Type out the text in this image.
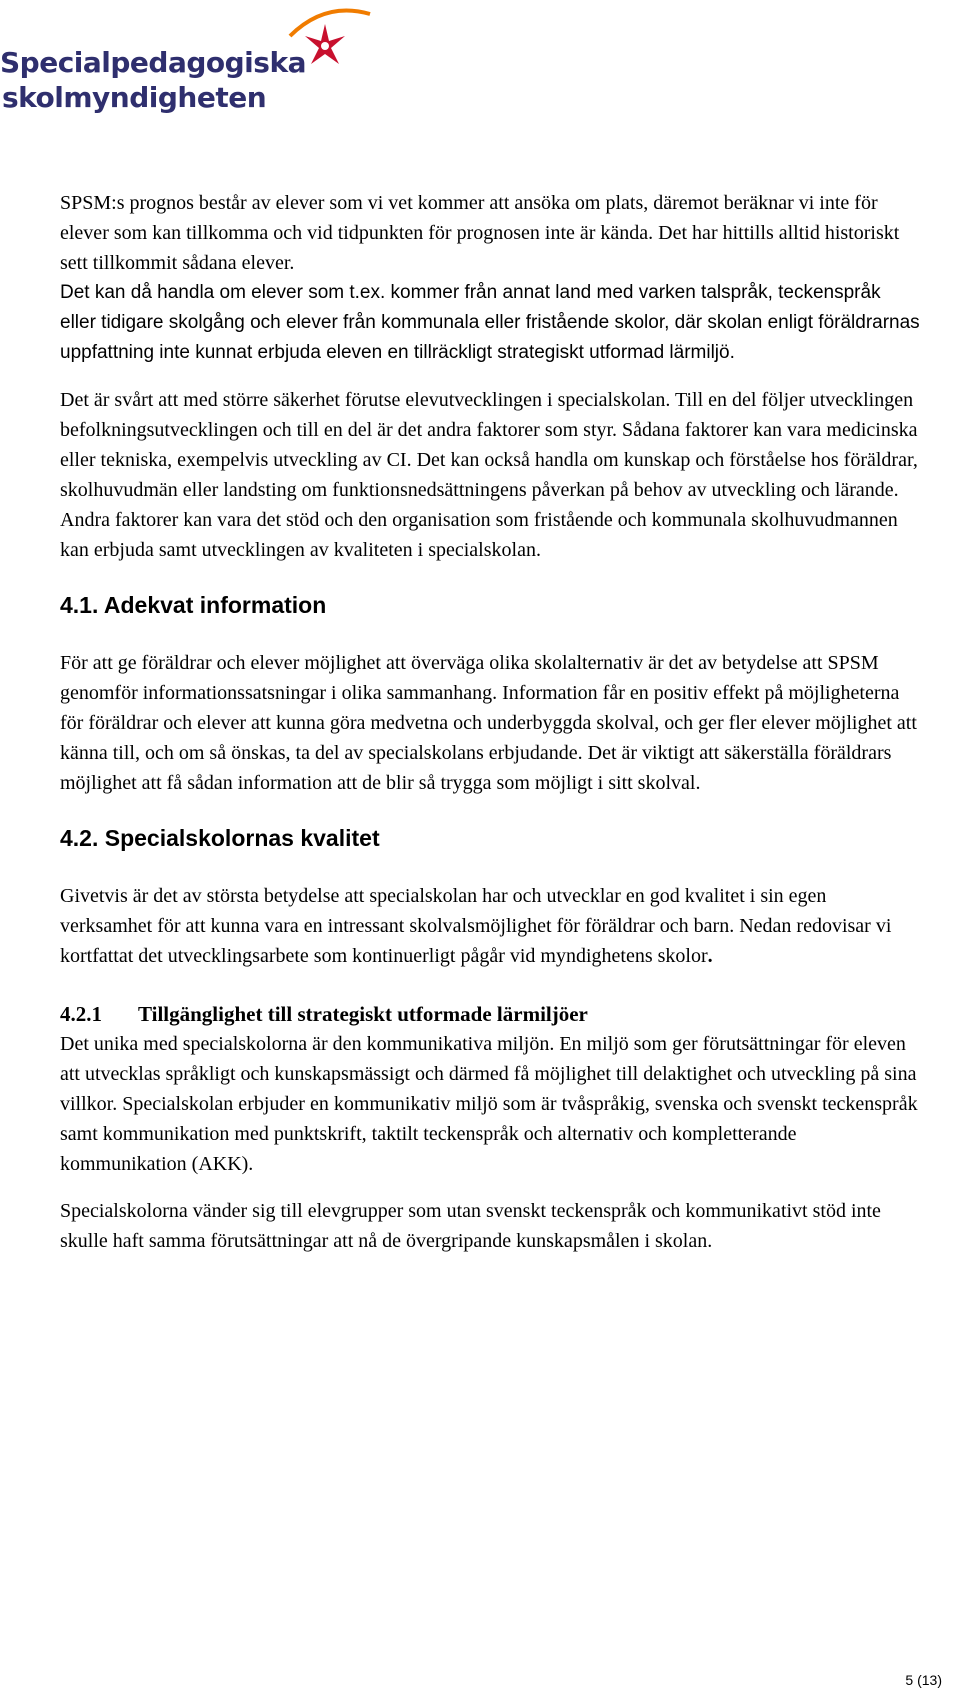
Specialpedagogiska
skolmyndigheten

SPSM:s prognos består av elever som vi vet kommer att ansöka om plats, däremot beräknar vi inte för elever som kan tillkomma och vid tidpunkten för prognosen inte är kända. Det har hittills alltid historiskt sett tillkommit sådana elever.

Det kan då handla om elever som t.ex. kommer från annat land med varken talspråk, teckenspråk eller tidigare skolgång och elever från kommunala eller fristående skolor, där skolan enligt föräldrarnas uppfattning inte kunnat erbjuda eleven en tillräckligt strategiskt utformad lärmiljö.

Det är svårt att med större säkerhet förutse elevutvecklingen i specialskolan. Till en del följer utvecklingen befolkningsutvecklingen och till en del är det andra faktorer som styr. Sådana faktorer kan vara medicinska eller tekniska, exempelvis utveckling av CI. Det kan också handla om kunskap och förståelse hos föräldrar, skolhuvudmän eller landsting om funktionsnedsättningens påverkan på behov av utveckling och lärande. Andra faktorer kan vara det stöd och den organisation som fristående och kommunala skolhuvudmannen kan erbjuda samt utvecklingen av kvaliteten i specialskolan.

4.1. Adekvat information

För att ge föräldrar och elever möjlighet att överväga olika skolalternativ är det av betydelse att SPSM genomför informationssatsningar i olika sammanhang. Information får en positiv effekt på möjligheterna för föräldrar och elever att kunna göra medvetna och underbyggda skolval, och ger fler elever möjlighet att känna till, och om så önskas, ta del av specialskolans erbjudande. Det är viktigt att säkerställa föräldrars möjlighet att få sådan information att de blir så trygga som möjligt i sitt skolval.

4.2. Specialskolornas kvalitet

Givetvis är det av största betydelse att specialskolan har och utvecklar en god kvalitet i sin egen verksamhet för att kunna vara en intressant skolvalsmöjlighet för föräldrar och barn. Nedan redovisar vi kortfattat det utvecklingsarbete som kontinuerligt pågår vid myndighetens skolor.

4.2.1 Tillgänglighet till strategiskt utformade lärmiljöer

Det unika med specialskolorna är den kommunikativa miljön. En miljö som ger förutsättningar för eleven att utvecklas språkligt och kunskapsmässigt och därmed få möjlighet till delaktighet och utveckling på sina villkor. Specialskolan erbjuder en kommunikativ miljö som är tvåspråkig, svenska och svenskt teckenspråk samt kommunikation med punktskrift, taktilt teckenspråk och alternativ och kompletterande kommunikation (AKK).

Specialskolorna vänder sig till elevgrupper som utan svenskt teckenspråk och kommunikativt stöd inte skulle haft samma förutsättningar att nå de övergripande kunskapsmålen i skolan.

5 (13)
